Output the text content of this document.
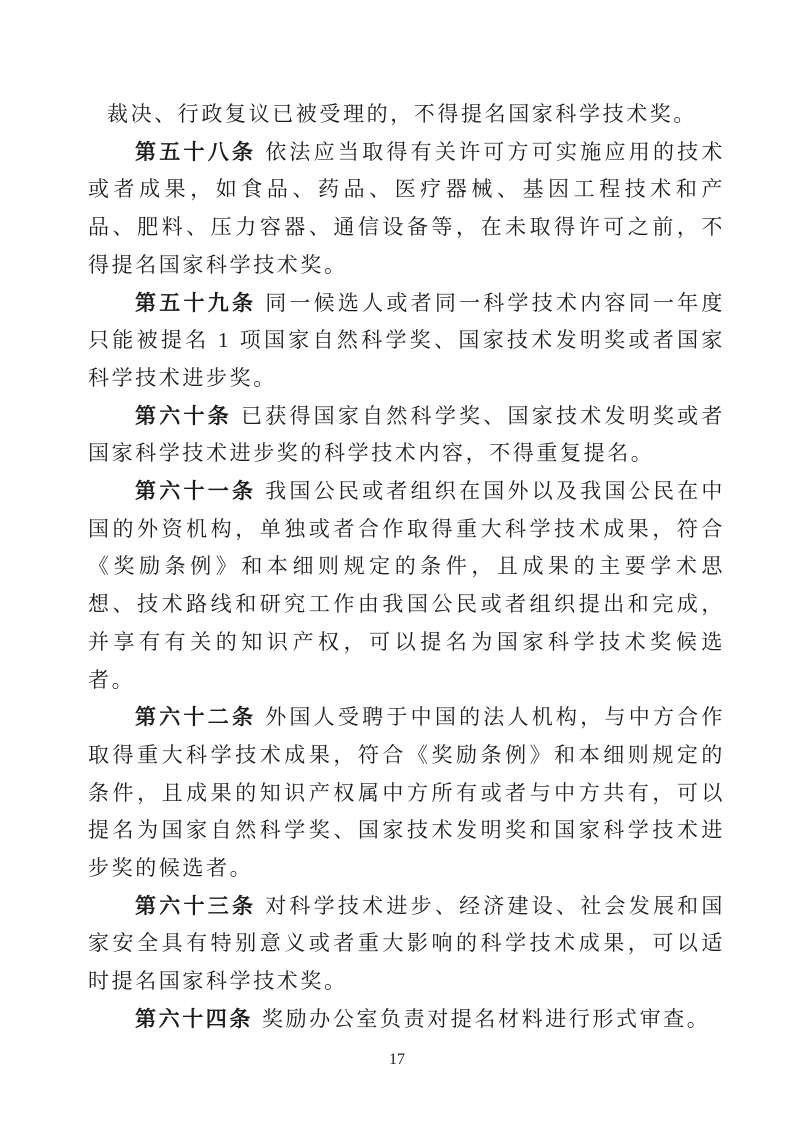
裁决、行政复议已被受理的，不得提名国家科学技术奖。

第五十八条 依法应当取得有关许可方可实施应用的技术或者成果，如食品、药品、医疗器械、基因工程技术和产品、肥料、压力容器、通信设备等，在未取得许可之前，不得提名国家科学技术奖。

第五十九条 同一候选人或者同一科学技术内容同一年度只能被提名 1 项国家自然科学奖、国家技术发明奖或者国家科学技术进步奖。

第六十条 已获得国家自然科学奖、国家技术发明奖或者国家科学技术进步奖的科学技术内容，不得重复提名。

第六十一条 我国公民或者组织在国外以及我国公民在中国的外资机构，单独或者合作取得重大科学技术成果，符合《奖励条例》和本细则规定的条件，且成果的主要学术思想、技术路线和研究工作由我国公民或者组织提出和完成，并享有有关的知识产权，可以提名为国家科学技术奖候选者。

第六十二条 外国人受聘于中国的法人机构，与中方合作取得重大科学技术成果，符合《奖励条例》和本细则规定的条件，且成果的知识产权属中方所有或者与中方共有，可以提名为国家自然科学奖、国家技术发明奖和国家科学技术进步奖的候选者。

第六十三条 对科学技术进步、经济建设、社会发展和国家安全具有特别意义或者重大影响的科学技术成果，可以适时提名国家科学技术奖。

第六十四条 奖励办公室负责对提名材料进行形式审查。

17
